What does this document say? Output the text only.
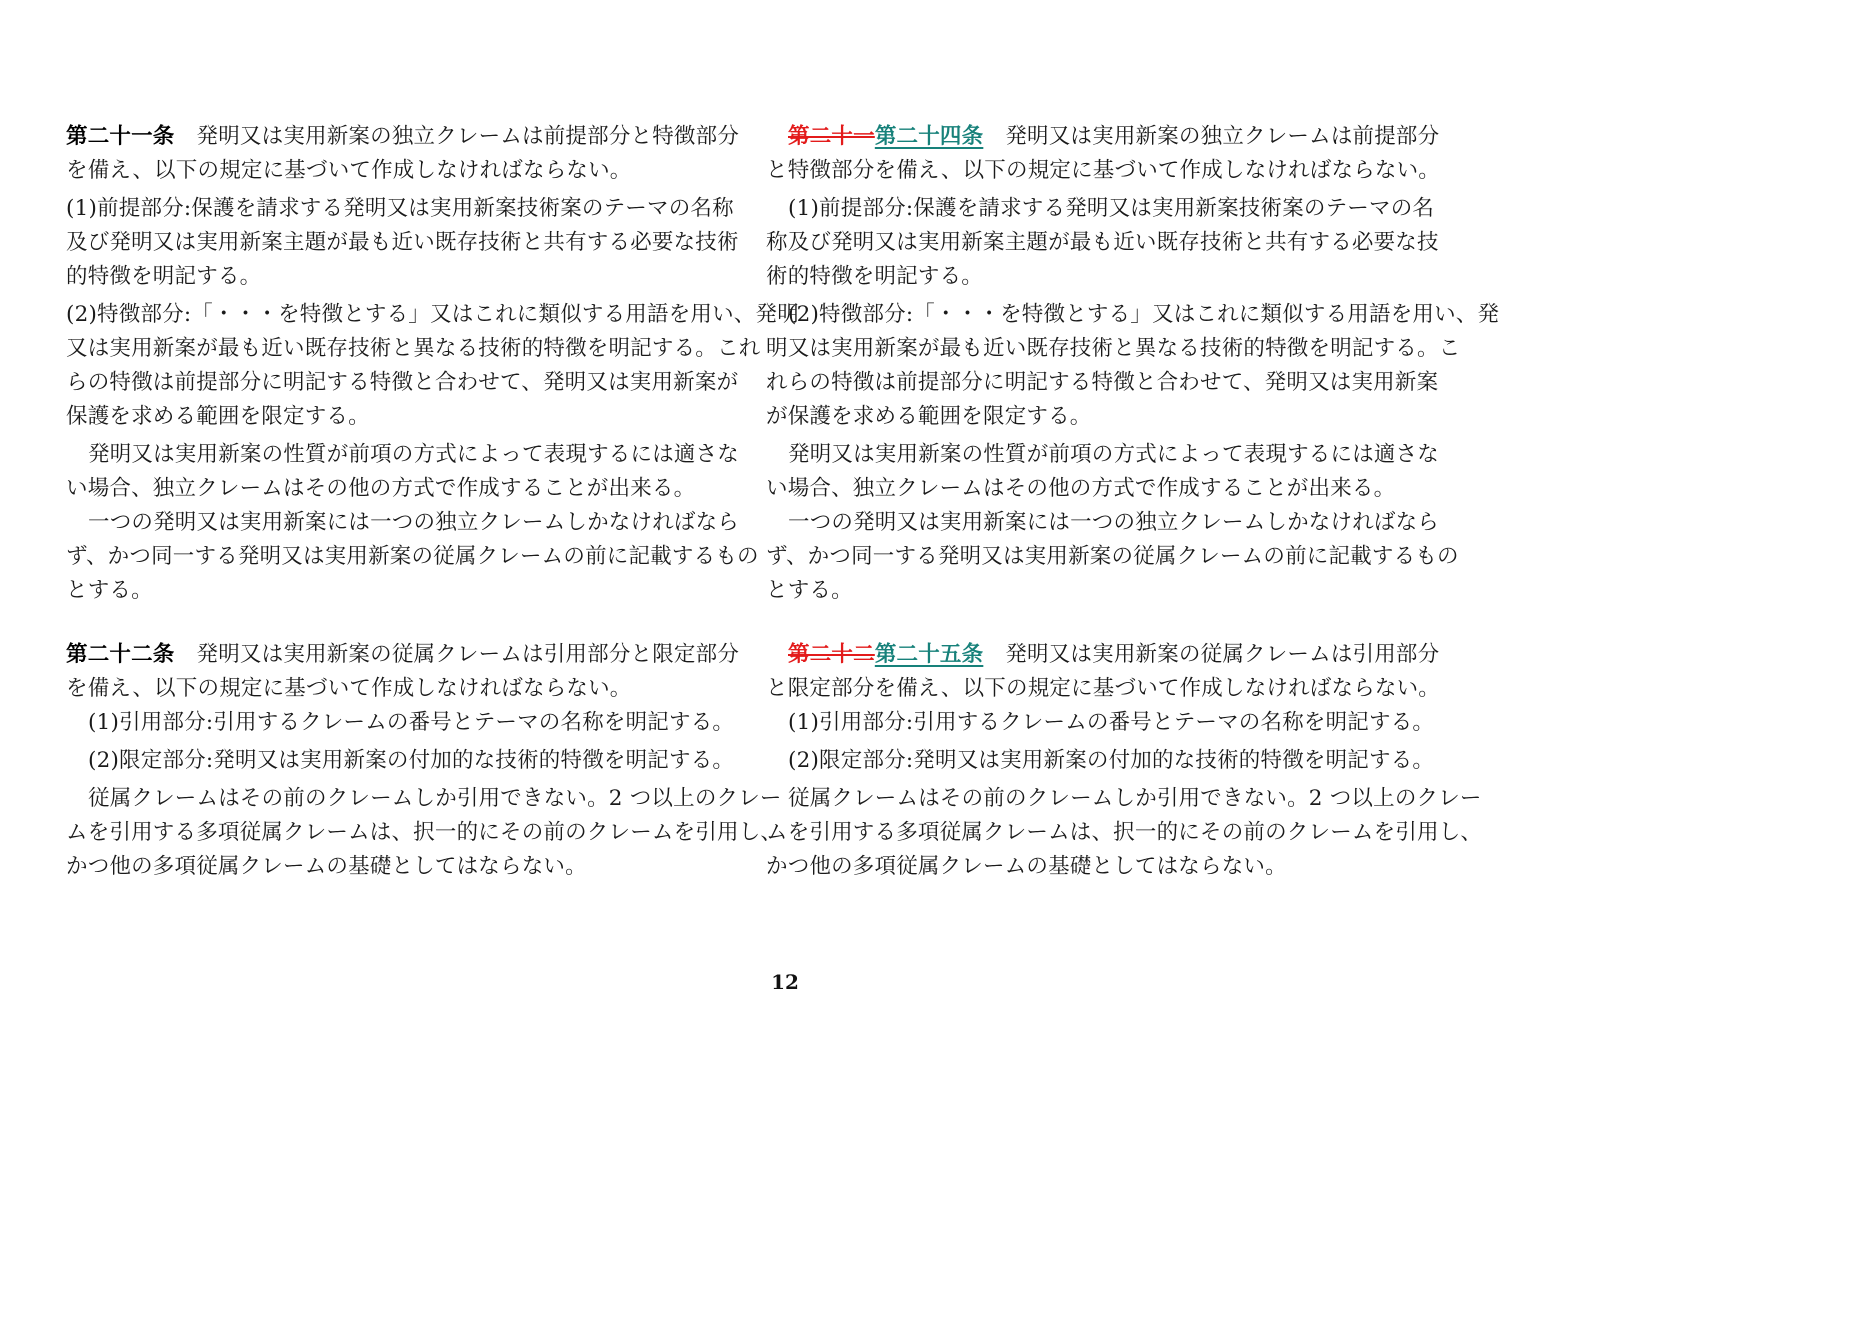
第二十一条 発明又は実用新案の独立クレームは前提部分と特徴部分
を備え、以下の規定に基づいて作成しなければならない。
(1)前提部分:保護を請求する発明又は実用新案技術案のテーマの名称
及び発明又は実用新案主題が最も近い既存技術と共有する必要な技術
的特徴を明記する。
(2)特徴部分:「・・・を特徴とする」又はこれに類似する用語を用い、発明
又は実用新案が最も近い既存技術と異なる技術的特徴を明記する。これ
らの特徴は前提部分に明記する特徴と合わせて、発明又は実用新案が
保護を求める範囲を限定する。
発明又は実用新案の性質が前項の方式によって表現するには適さな
い場合、独立クレームはその他の方式で作成することが出来る。
一つの発明又は実用新案には一つの独立クレームしかなければなら
ず、かつ同一する発明又は実用新案の従属クレームの前に記載するもの
とする。
第二十二条 発明又は実用新案の従属クレームは引用部分と限定部分
を備え、以下の規定に基づいて作成しなければならない。
(1)引用部分:引用するクレームの番号とテーマの名称を明記する。
(2)限定部分:発明又は実用新案の付加的な技術的特徴を明記する。
従属クレームはその前のクレームしか引用できない。2 つ以上のクレー
ムを引用する多項従属クレームは、択一的にその前のクレームを引用し、
かつ他の多項従属クレームの基礎としてはならない。
第二十一第二十四条 発明又は実用新案の独立クレームは前提部分
と特徴部分を備え、以下の規定に基づいて作成しなければならない。
(1)前提部分:保護を請求する発明又は実用新案技術案のテーマの名
称及び発明又は実用新案主題が最も近い既存技術と共有する必要な技
術的特徴を明記する。
(2)特徴部分:「・・・を特徴とする」又はこれに類似する用語を用い、発
明又は実用新案が最も近い既存技術と異なる技術的特徴を明記する。こ
れらの特徴は前提部分に明記する特徴と合わせて、発明又は実用新案
が保護を求める範囲を限定する。
発明又は実用新案の性質が前項の方式によって表現するには適さな
い場合、独立クレームはその他の方式で作成することが出来る。
一つの発明又は実用新案には一つの独立クレームしかなければなら
ず、かつ同一する発明又は実用新案の従属クレームの前に記載するもの
とする。
第二十二第二十五条 発明又は実用新案の従属クレームは引用部分
と限定部分を備え、以下の規定に基づいて作成しなければならない。
(1)引用部分:引用するクレームの番号とテーマの名称を明記する。
(2)限定部分:発明又は実用新案の付加的な技術的特徴を明記する。
従属クレームはその前のクレームしか引用できない。2 つ以上のクレー
ムを引用する多項従属クレームは、択一的にその前のクレームを引用し、
かつ他の多項従属クレームの基礎としてはならない。
12
